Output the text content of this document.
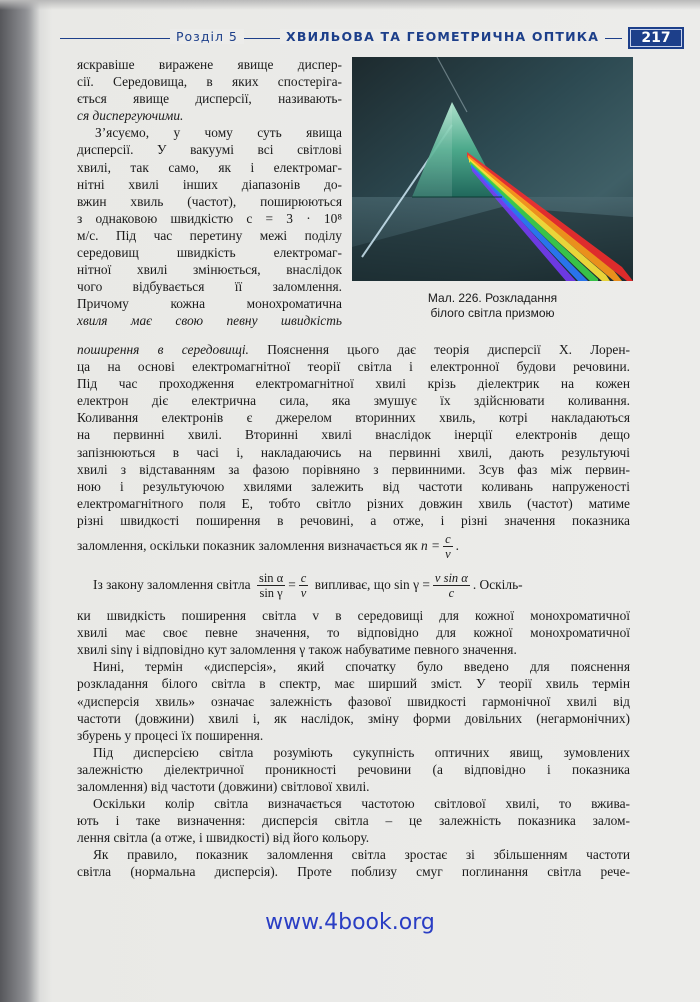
Розділ 5	ХВИЛЬОВА ТА ГЕОМЕТРИЧНА ОПТИКА	217
яскравіше виражене явище диспер-
сії. Середовища, в яких спостеріга-
ється явище дисперсії, називають-
ся диспергуючими.
З’ясуємо, у чому суть явища
дисперсії. У вакуумі всі світлові
хвилі, так само, як і електромаг-
нітні хвилі інших діапазонів до-
вжин хвиль (частот), поширюються
з однаковою швидкістю c = 3 · 10⁸
м/с. Під час перетину межі поділу
середовищ швидкість електромаг-
нітної хвилі змінюється, внаслідок
чого відбувається її заломлення.
Причому кожна монохроматична
хвиля має свою певну швидкість
Мал. 226. Розкладання
білого світла призмою
поширення в середовищі. Пояснення цього дає теорія дисперсії Х. Лорен-
ца на основі електромагнітної теорії світла і електронної будови речовини.
Під час проходження електромагнітної хвилі крізь діелектрик на кожен
електрон діє електрична сила, яка змушує їх здійснювати коливання.
Коливання електронів є джерелом вторинних хвиль, котрі накладаються
на первинні хвилі. Вторинні хвилі внаслідок інерції електронів дещо
запізнюються в часі і, накладаючись на первинні хвилі, дають результуючі
хвилі з відставанням за фазою порівняно з первинними. Зсув фаз між первин-
ною і результуючою хвилями залежить від частоти коливань напруженості
електромагнітного поля E, тобто світло різних довжин хвиль (частот) матиме
різні швидкості поширення в речовині, а отже, і різні значення показника
заломлення, оскільки показник заломлення визначається як $n = \frac{c}{v}$ .
Із закону заломлення світла $\frac{\text{sin α}}{\text{sin γ}} = \frac{c}{v}$ випливає, що $\sin \gamma = \frac{\text{v sin α}}{c}$ . Оскіль-
ки швидкість поширення світла v в середовищі для кожної монохроматичної
хвилі має своє певне значення, то відповідно для кожної монохроматичної
хвилі sinγ і відповідно кут заломлення γ також набуватиме певного значення.
Нині, термін «дисперсія», який спочатку було введено для пояснення
розкладання білого світла в спектр, має ширший зміст. У теорії хвиль термін
«дисперсія хвиль» означає залежність фазової швидкості гармонічної хвилі від
частоти (довжини) хвилі і, як наслідок, зміну форми довільних (негармонічних)
збурень у процесі їх поширення.
Під дисперсією світла розуміють сукупність оптичних явищ, зумовлених
залежністю діелектричної проникності речовини (а відповідно і показника
заломлення) від частоти (довжини) світлової хвилі.
Оскільки колір світла визначається частотою світлової хвилі, то вжива-
ють і таке визначення: дисперсія світла – це залежність показника залом-
лення світла (а отже, і швидкості) від його кольору.
Як правило, показник заломлення світла зростає зі збільшенням частоти
світла (нормальна дисперсія). Проте поблизу смуг поглинання світла рече-
www.4book.org
